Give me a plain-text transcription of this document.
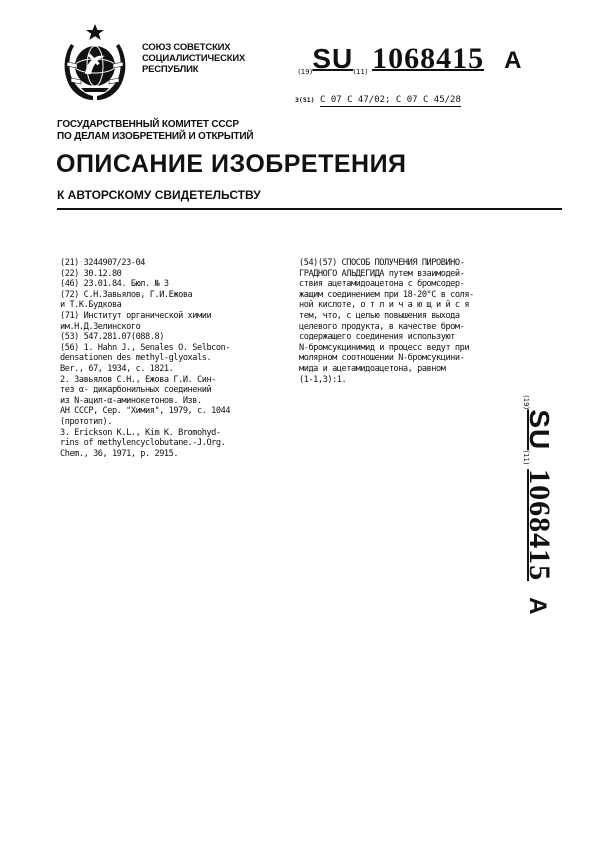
СОЮЗ СОВЕТСКИХ
СОЦИАЛИСТИЧЕСКИХ
РЕСПУБЛИК	(19)SU(11) 1068415 A
3(51) С 07 С 47/02; С 07 С 45/28
ГОСУДАРСТВЕННЫЙ КОМИТЕТ СССР
ПО ДЕЛАМ ИЗОБРЕТЕНИЙ И ОТКРЫТИЙ
ОПИСАНИЕ ИЗОБРЕТЕНИЯ
К АВТОРСКОМУ СВИДЕТЕЛЬСТВУ
(21) 3244907/23-04
(22) 30.12.80
(46) 23.01.84. Бюл. № 3
(72) С.Н.Завьялов, Г.И.Ежова
и Т.К.Будкова
(71) Институт органической химии
им.Н.Д.Зелинского
(53) 547.281.07(088.8)
(56) 1. Hahn J., Senales O. Selbcon-
densationen des methyl-glyoxals.
Ber., 67, 1934, c. 1821.
2. Завьялов С.Н., Ежова Г.И. Син-
тез α- дикарбонильных соединений
из N-ацил-α-аминокетонов. Изв.
АН СССР, Сер. "Химия", 1979, с. 1044
(прототип).
3. Erickson K.L., Kim K. Bromohyd-
rins of methylencyclobutane.-J.Org.
Chem., 36, 1971, p. 2915.
(54)(57) СПОСОБ ПОЛУЧЕНИЯ ПИРОВИНО-
ГРАДНОГО АЛЬДЕГИДА путем взаимодей-
ствия ацетамидоацетона с бромсодер-
жащим соединением при 18-20°С в соля-
ной кислоте, о т л и ч а ю щ и й с я
тем, что, с целью повышения выхода
целевого продукта, в качестве бром-
содержащего соединения используют
N-бромсукцинимид и процесс ведут при
молярном соотношении N-бромсукцини-
мида и ацетамидоацетона, равном
(1-1,3):1.
(19)SU(11) 1068415A
